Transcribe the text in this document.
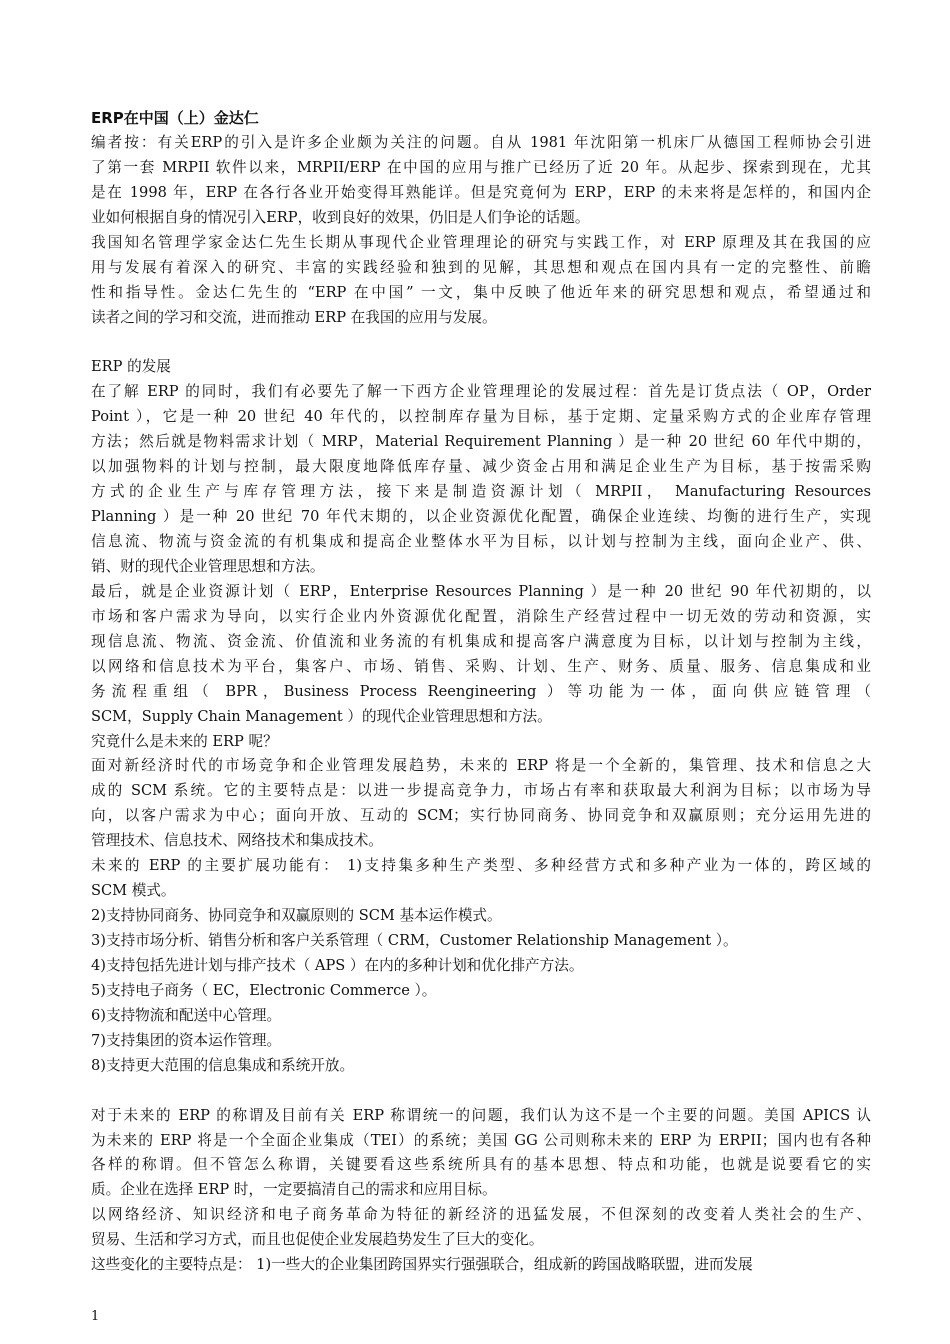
ERP在中国（上）金达仁
编者按：有关ERP的引入是许多企业颇为关注的问题。自从 1981 年沈阳第一机床厂从德国工程师协会引进
了第一套 MRPII 软件以来，MRPII/ERP 在中国的应用与推广已经历了近 20 年。从起步、探索到现在，尤其
是在 1998 年，ERP 在各行各业开始变得耳熟能详。但是究竟何为 ERP，ERP 的未来将是怎样的，和国内企
业如何根据自身的情况引入ERP，收到良好的效果，仍旧是人们争论的话题。
我国知名管理学家金达仁先生长期从事现代企业管理理论的研究与实践工作，对 ERP 原理及其在我国的应
用与发展有着深入的研究、丰富的实践经验和独到的见解，其思想和观点在国内具有一定的完整性、前瞻
性和指导性。金达仁先生的 “ERP 在中国” 一文，集中反映了他近年来的研究思想和观点，希望通过和
读者之间的学习和交流，进而推动 ERP 在我国的应用与发展。
ERP 的发展
在了解 ERP 的同时，我们有必要先了解一下西方企业管理理论的发展过程：首先是订货点法（ OP，Order
Point ），它是一种 20 世纪 40 年代的，以控制库存量为目标，基于定期、定量采购方式的企业库存管理
方法；然后就是物料需求计划（ MRP，Material Requirement Planning ）是一种 20 世纪 60 年代中期的，
以加强物料的计划与控制，最大限度地降低库存量、减少资金占用和满足企业生产为目标，基于按需采购
方式的企业生产与库存管理方法，接下来是制造资源计划（ MRPII， Manufacturing Resources
Planning ）是一种 20 世纪 70 年代末期的，以企业资源优化配置，确保企业连续、均衡的进行生产，实现
信息流、物流与资金流的有机集成和提高企业整体水平为目标，以计划与控制为主线，面向企业产、供、
销、财的现代企业管理思想和方法。
最后，就是企业资源计划（ ERP，Enterprise Resources Planning ）是一种 20 世纪 90 年代初期的，以
市场和客户需求为导向，以实行企业内外资源优化配置，消除生产经营过程中一切无效的劳动和资源，实
现信息流、物流、资金流、价值流和业务流的有机集成和提高客户满意度为目标，以计划与控制为主线，
以网络和信息技术为平台，集客户、市场、销售、采购、计划、生产、财务、质量、服务、信息集成和业
务流程重组（ BPR，Business Process Reengineering ）等功能为一体，面向供应链管理（
SCM，Supply Chain Management ）的现代企业管理思想和方法。
究竟什么是未来的 ERP 呢？
面对新经济时代的市场竞争和企业管理发展趋势，未来的 ERP 将是一个全新的，集管理、技术和信息之大
成的 SCM 系统。它的主要特点是：以进一步提高竞争力，市场占有率和获取最大利润为目标；以市场为导
向，以客户需求为中心；面向开放、互动的 SCM；实行协同商务、协同竞争和双赢原则；充分运用先进的
管理技术、信息技术、网络技术和集成技术。
未来的 ERP 的主要扩展功能有： 1)支持集多种生产类型、多种经营方式和多种产业为一体的，跨区域的
SCM 模式。
2)支持协同商务、协同竞争和双赢原则的 SCM 基本运作模式。
3)支持市场分析、销售分析和客户关系管理（ CRM，Customer Relationship Management ）。
4)支持包括先进计划与排产技术（ APS ）在内的多种计划和优化排产方法。
5)支持电子商务（ EC，Electronic Commerce ）。
6)支持物流和配送中心管理。
7)支持集团的资本运作管理。
8)支持更大范围的信息集成和系统开放。
对于未来的 ERP 的称谓及目前有关 ERP 称谓统一的问题，我们认为这不是一个主要的问题。美国 APICS 认
为未来的 ERP 将是一个全面企业集成（TEI）的系统；美国 GG 公司则称未来的 ERP 为 ERPII；国内也有各种
各样的称谓。但不管怎么称谓，关键要看这些系统所具有的基本思想、特点和功能，也就是说要看它的实
质。企业在选择 ERP 时，一定要搞清自己的需求和应用目标。
以网络经济、知识经济和电子商务革命为特征的新经济的迅猛发展，不但深刻的改变着人类社会的生产、
贸易、生活和学习方式，而且也促使企业发展趋势发生了巨大的变化。
这些变化的主要特点是： 1)一些大的企业集团跨国界实行强强联合，组成新的跨国战略联盟，进而发展
1
